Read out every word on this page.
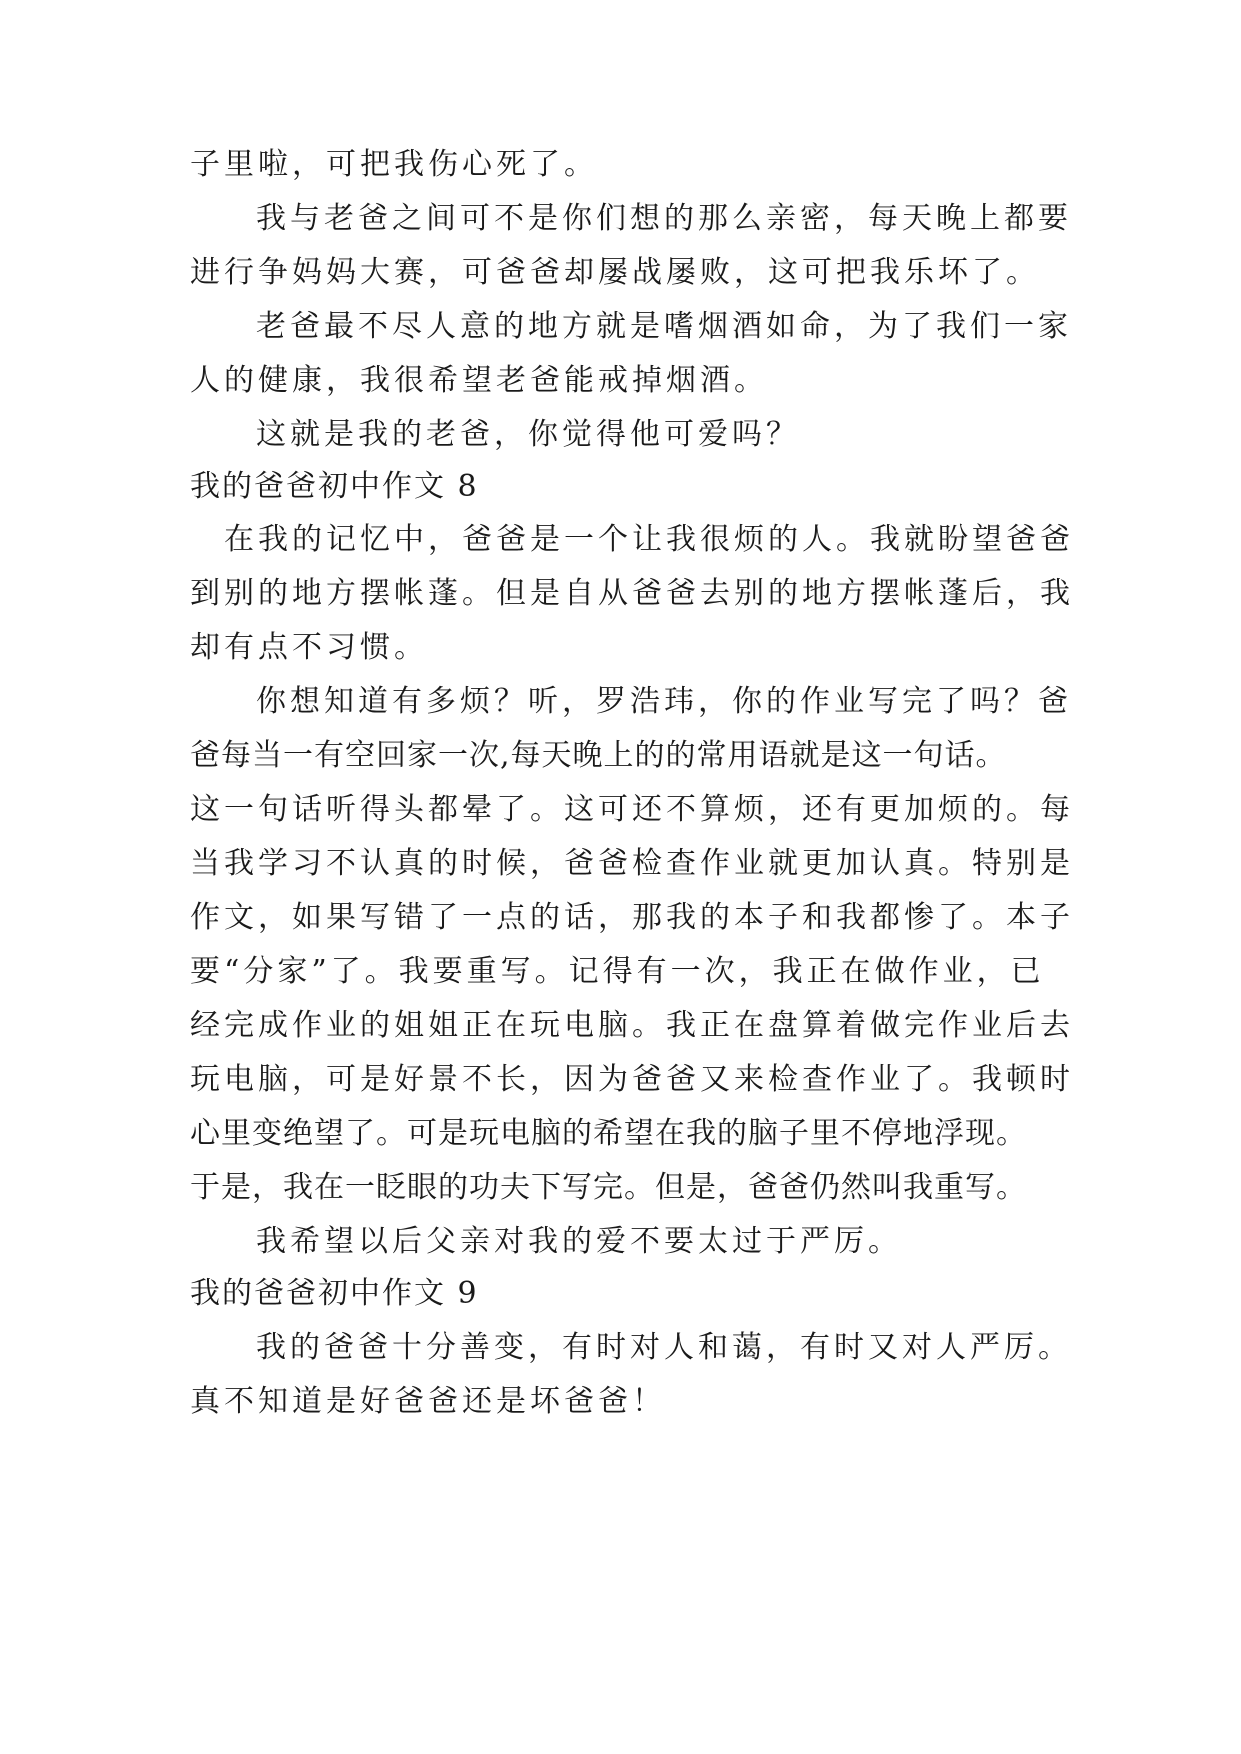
子里啦，可把我伤心死了。
我与老爸之间可不是你们想的那么亲密，每天晚上都要
进行争妈妈大赛，可爸爸却屡战屡败，这可把我乐坏了。
老爸最不尽人意的地方就是嗜烟酒如命，为了我们一家
人的健康，我很希望老爸能戒掉烟酒。
这就是我的老爸，你觉得他可爱吗？
我的爸爸初中作文 8
在我的记忆中，爸爸是一个让我很烦的人。我就盼望爸爸
到别的地方摆帐蓬。但是自从爸爸去别的地方摆帐蓬后，我
却有点不习惯。
你想知道有多烦？听，罗浩玮，你的作业写完了吗？爸
爸每当一有空回家一次,每天晚上的的常用语就是这一句话。
这一句话听得头都晕了。这可还不算烦，还有更加烦的。每
当我学习不认真的时候，爸爸检查作业就更加认真。特别是
作文，如果写错了一点的话，那我的本子和我都惨了。本子
要“分家”了。我要重写。记得有一次，我正在做作业，已
经完成作业的姐姐正在玩电脑。我正在盘算着做完作业后去
玩电脑，可是好景不长，因为爸爸又来检查作业了。我顿时
心里变绝望了。可是玩电脑的希望在我的脑子里不停地浮现。
于是，我在一眨眼的功夫下写完。但是，爸爸仍然叫我重写。
我希望以后父亲对我的爱不要太过于严厉。
我的爸爸初中作文 9
我的爸爸十分善变，有时对人和蔼，有时又对人严厉。
真不知道是好爸爸还是坏爸爸！
